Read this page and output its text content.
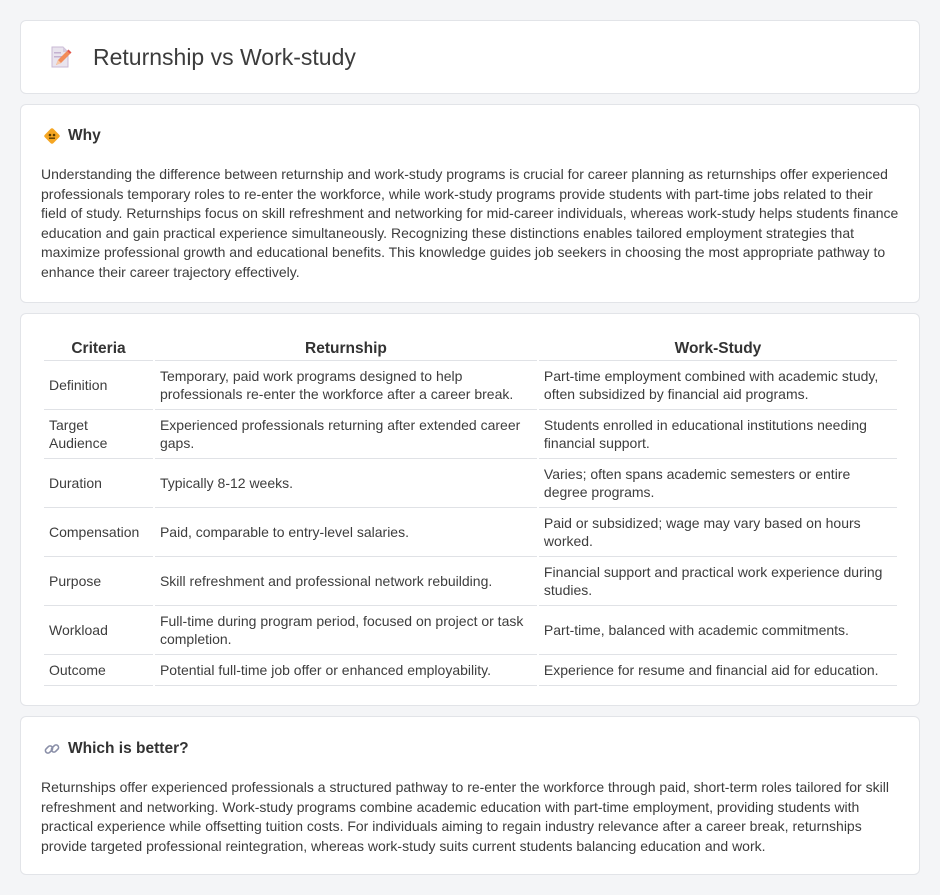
Returnship vs Work-study
Why

Understanding the difference between returnship and work-study programs is crucial for career planning as returnships offer experienced professionals temporary roles to re-enter the workforce, while work-study programs provide students with part-time jobs related to their field of study. Returnships focus on skill refreshment and networking for mid-career individuals, whereas work-study helps students finance education and gain practical experience simultaneously. Recognizing these distinctions enables tailored employment strategies that maximize professional growth and educational benefits. This knowledge guides job seekers in choosing the most appropriate pathway to enhance their career trajectory effectively.

Criteria	Returnship	Work-Study
Definition	Temporary, paid work programs designed to help professionals re-enter the workforce after a career break.	Part-time employment combined with academic study, often subsidized by financial aid programs.
Target Audience	Experienced professionals returning after extended career gaps.	Students enrolled in educational institutions needing financial support.
Duration	Typically 8-12 weeks.	Varies; often spans academic semesters or entire degree programs.
Compensation	Paid, comparable to entry-level salaries.	Paid or subsidized; wage may vary based on hours worked.
Purpose	Skill refreshment and professional network rebuilding.	Financial support and practical work experience during studies.
Workload	Full-time during program period, focused on project or task completion.	Part-time, balanced with academic commitments.
Outcome	Potential full-time job offer or enhanced employability.	Experience for resume and financial aid for education.
Which is better?

Returnships offer experienced professionals a structured pathway to re-enter the workforce through paid, short-term roles tailored for skill refreshment and networking. Work-study programs combine academic education with part-time employment, providing students with practical experience while offsetting tuition costs. For individuals aiming to regain industry relevance after a career break, returnships provide targeted professional reintegration, whereas work-study suits current students balancing education and work.
